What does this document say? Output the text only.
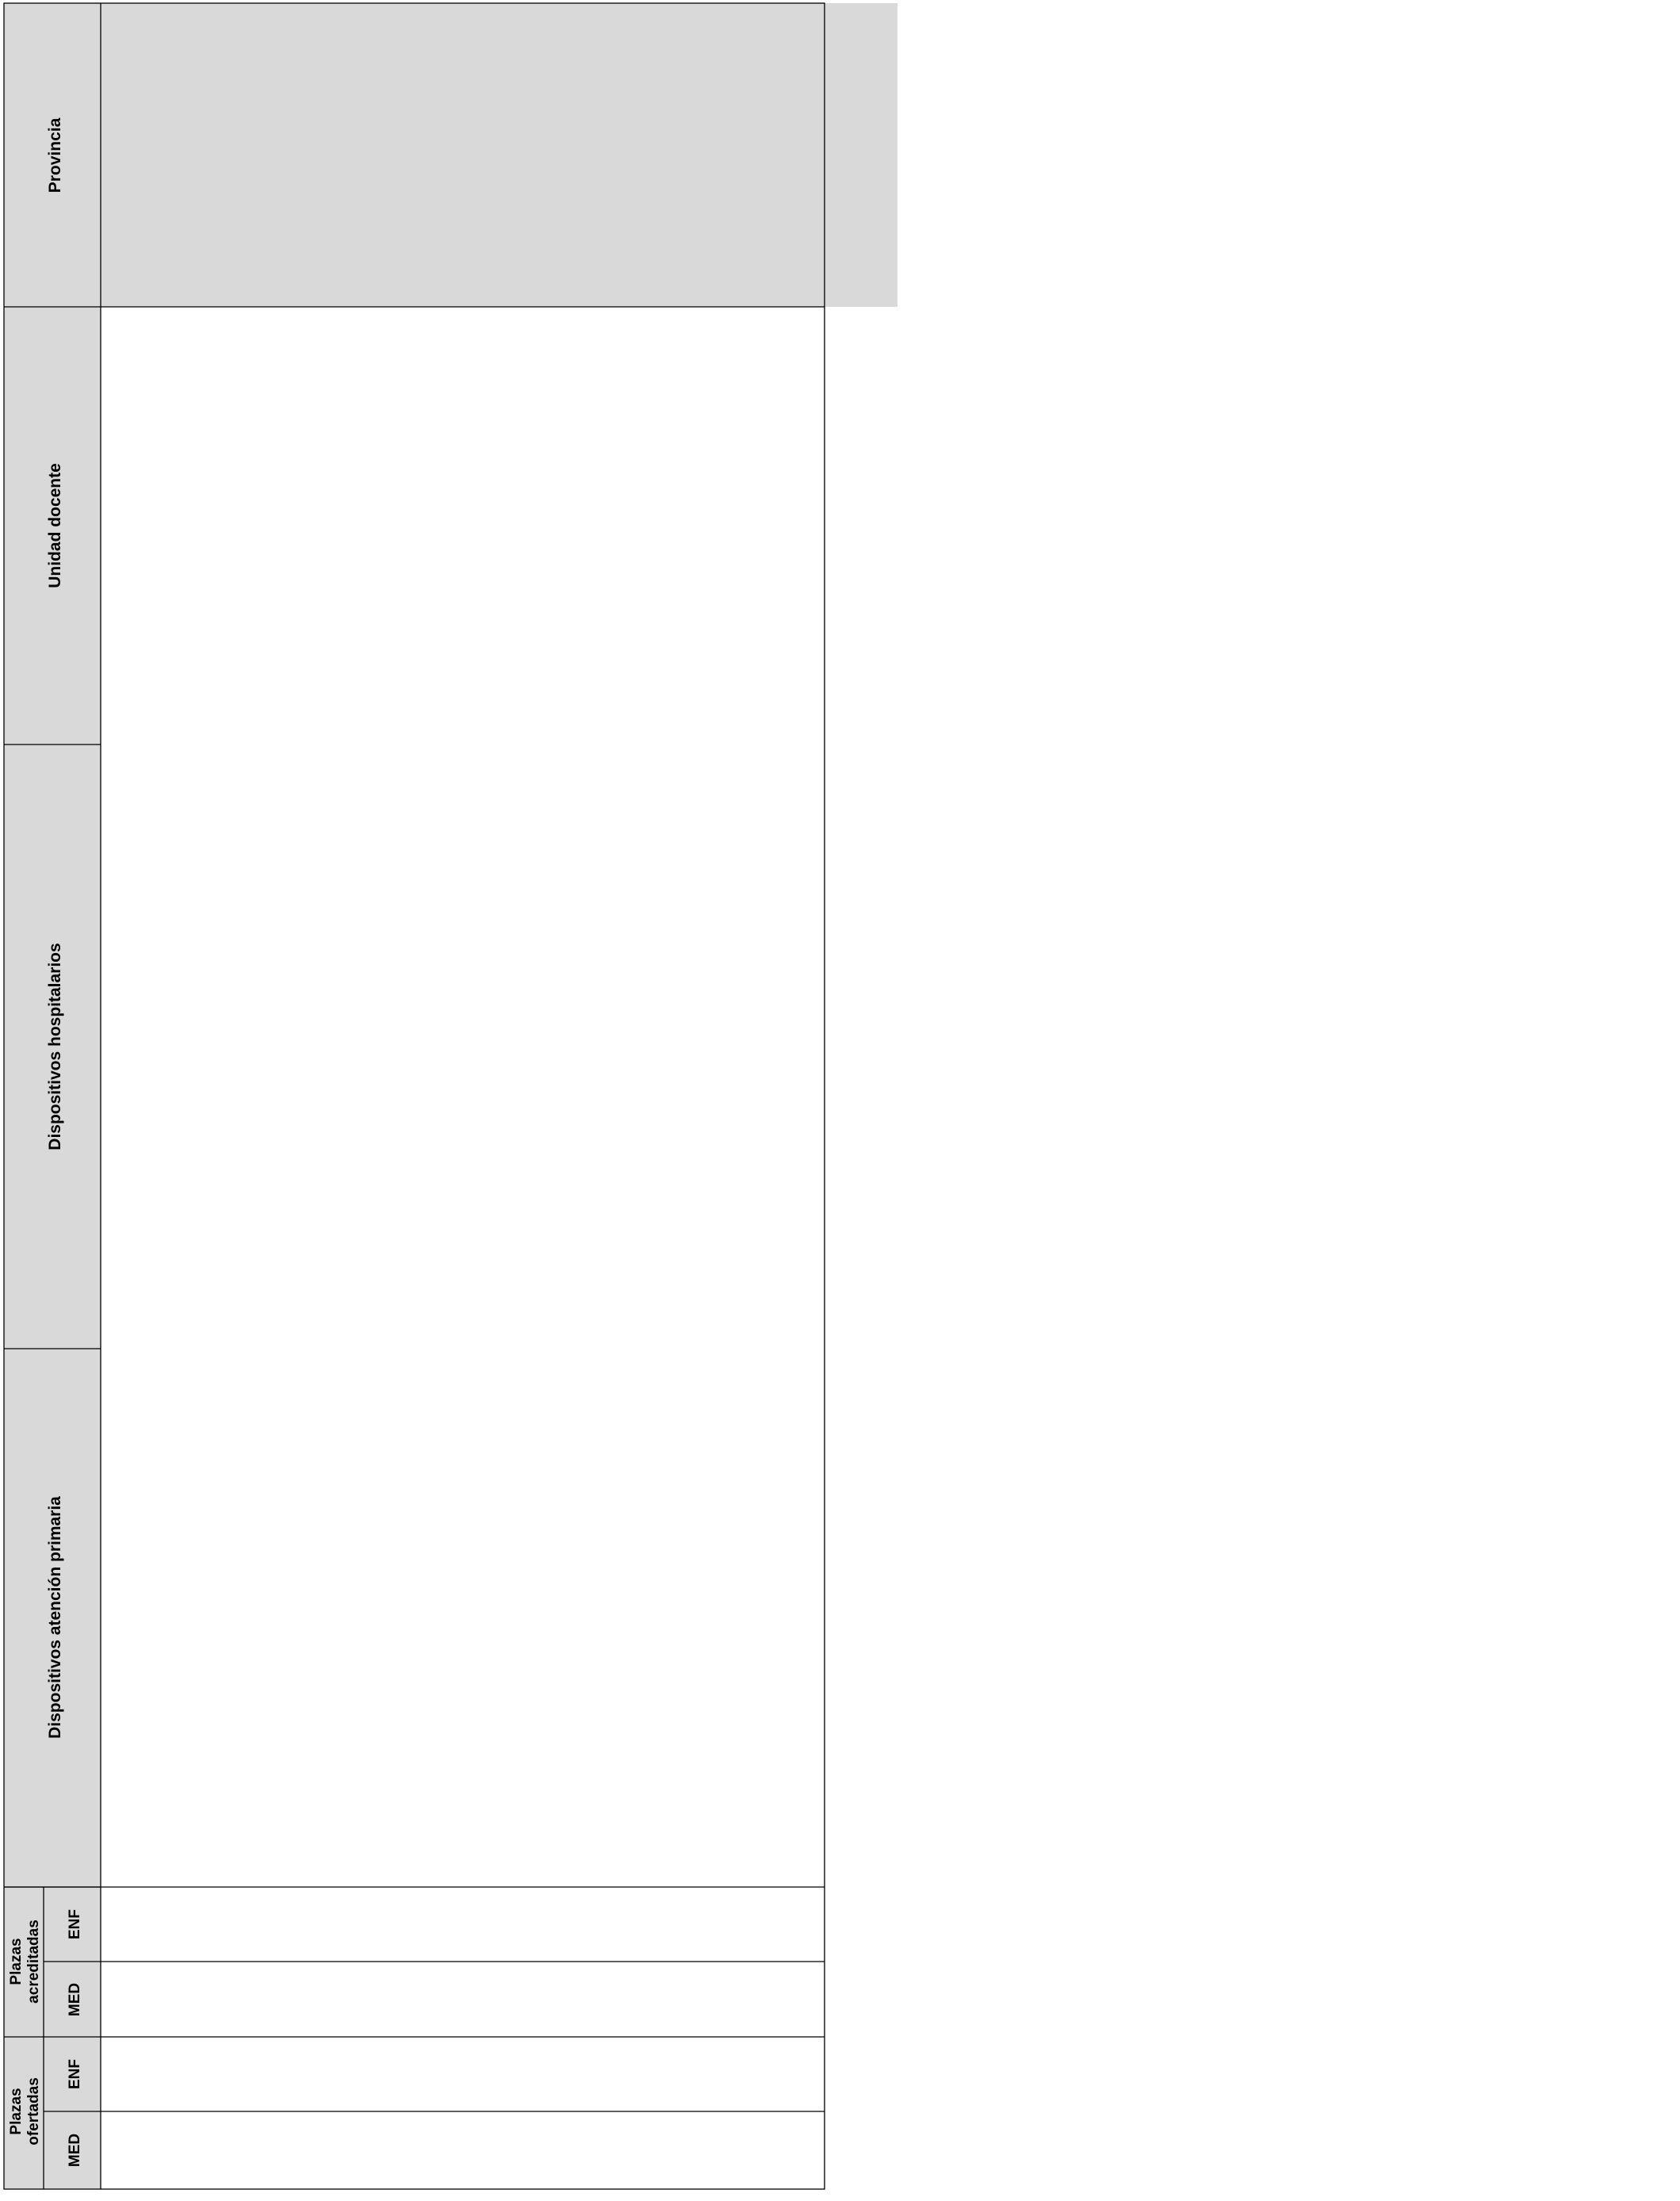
Provincia
Unidad docente
Dispositivos hospitalarios
Dispositivos atención primaria
Plazas acreditadas
Plazas ofertadas
ENF
MED
ENF
MED
